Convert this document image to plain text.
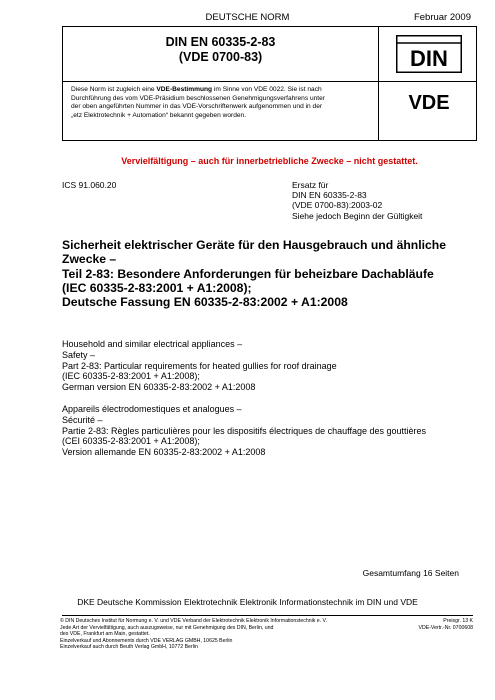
DEUTSCHE NORM	Februar 2009
DIN EN 60335-2-83
(VDE 0700-83)
Diese Norm ist zugleich eine VDE-Bestimmung im Sinne von VDE 0022. Sie ist nach
Durchführung des vom VDE-Präsidium beschlossenen Genehmigungsverfahrens unter
der oben angeführten Nummer in das VDE-Vorschriftenwerk aufgenommen und in der
„etz Elektrotechnik + Automation“ bekannt gegeben worden.
DIN
VDE
Vervielfältigung – auch für innerbetriebliche Zwecke – nicht gestattet.
ICS 91.060.20	Ersatz für
DIN EN 60335-2-83
(VDE 0700-83):2003-02
Siehe jedoch Beginn der Gültigkeit
Sicherheit elektrischer Geräte für den Hausgebrauch und ähnliche
Zwecke –
Teil 2-83: Besondere Anforderungen für beheizbare Dachabläufe
(IEC 60335-2-83:2001 + A1:2008);
Deutsche Fassung EN 60335-2-83:2002 + A1:2008
Household and similar electrical appliances –
Safety –
Part 2-83: Particular requirements for heated gullies for roof drainage
(IEC 60335-2-83:2001 + A1:2008);
German version EN 60335-2-83:2002 + A1:2008
Appareils électrodomestiques et analogues –
Sécurité –
Partie 2-83: Règles particulières pour les dispositifs électriques de chauffage des gouttières
(CEI 60335-2-83:2001 + A1:2008);
Version allemande EN 60335-2-83:2002 + A1:2008
Gesamtumfang 16 Seiten
DKE Deutsche Kommission Elektrotechnik Elektronik Informationstechnik im DIN und VDE
© DIN Deutsches Institut für Normung e. V. und VDE Verband der Elektrotechnik Elektronik Informationstechnik e. V.
Jede Art der Vervielfältigung, auch auszugsweise, nur mit Genehmigung des DIN, Berlin, und
des VDE, Frankfurt am Main, gestattet.
Einzelverkauf und Abonnements durch VDE VERLAG GMBH, 10625 Berlin
Einzelverkauf auch durch Beuth Verlag GmbH, 10772 Berlin
Preisgr. 13 K
VDE-Vertr.-Nr. 0700608
